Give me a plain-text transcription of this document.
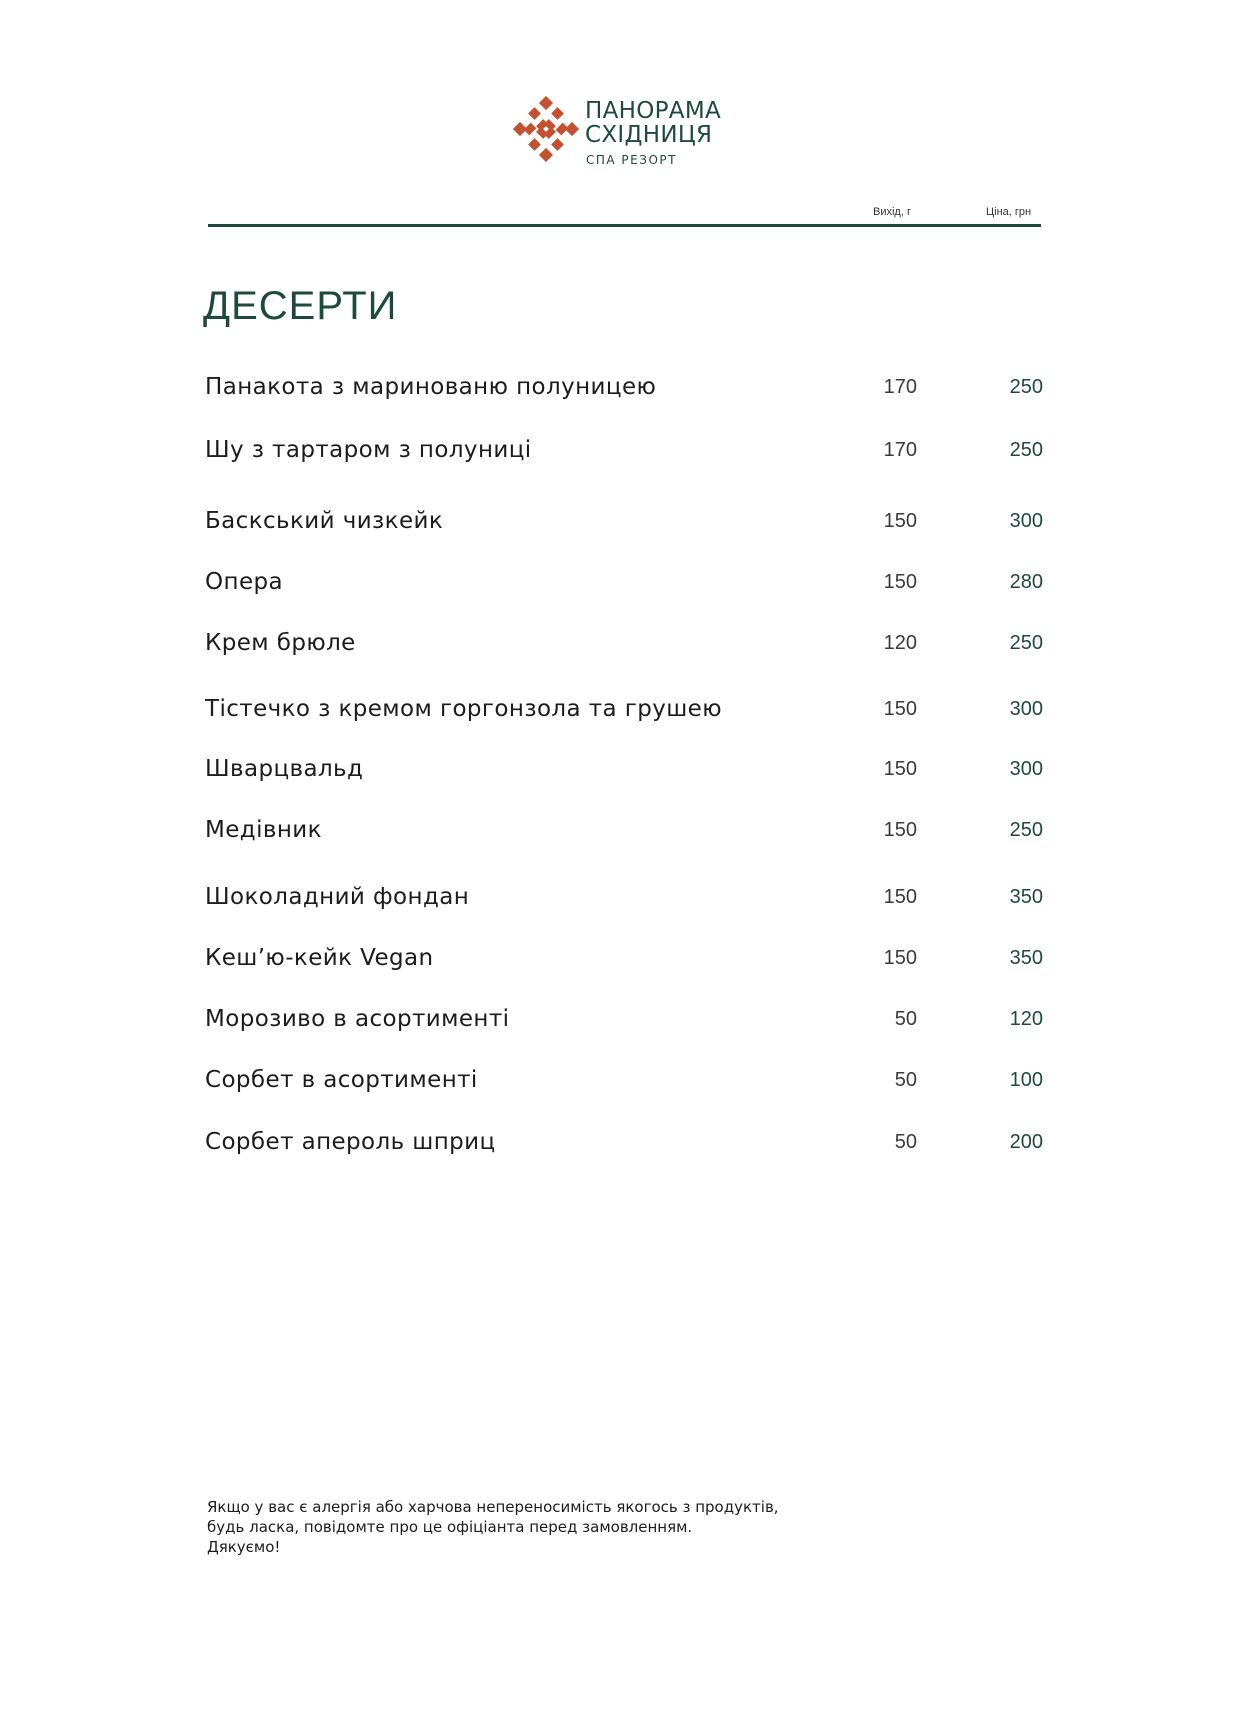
ПАНОРАМА
СХІДНИЦЯ
СПА РЕЗОРТ
Вихід, г	Ціна, грн
ДЕСЕРТИ
Панакота з маринованю полуницею	170	250
Шу з тартаром з полуниці	170	250
Баскський чизкейк	150	300
Опера	150	280
Крем брюле	120	250
Тістечко з кремом горгонзола та грушею	150	300
Шварцвальд	150	300
Медівник	150	250
Шоколадний фондан	150	350
Кеш’ю-кейк Vegan	150	350
Морозиво в асортименті	50	120
Сорбет в асортименті	50	100
Сорбет апероль шприц	50	200
Якщо у вас є алергія або харчова непереносимість якогось з продуктів,
будь ласка, повідомте про це офіціанта перед замовленням.
Дякуємо!
